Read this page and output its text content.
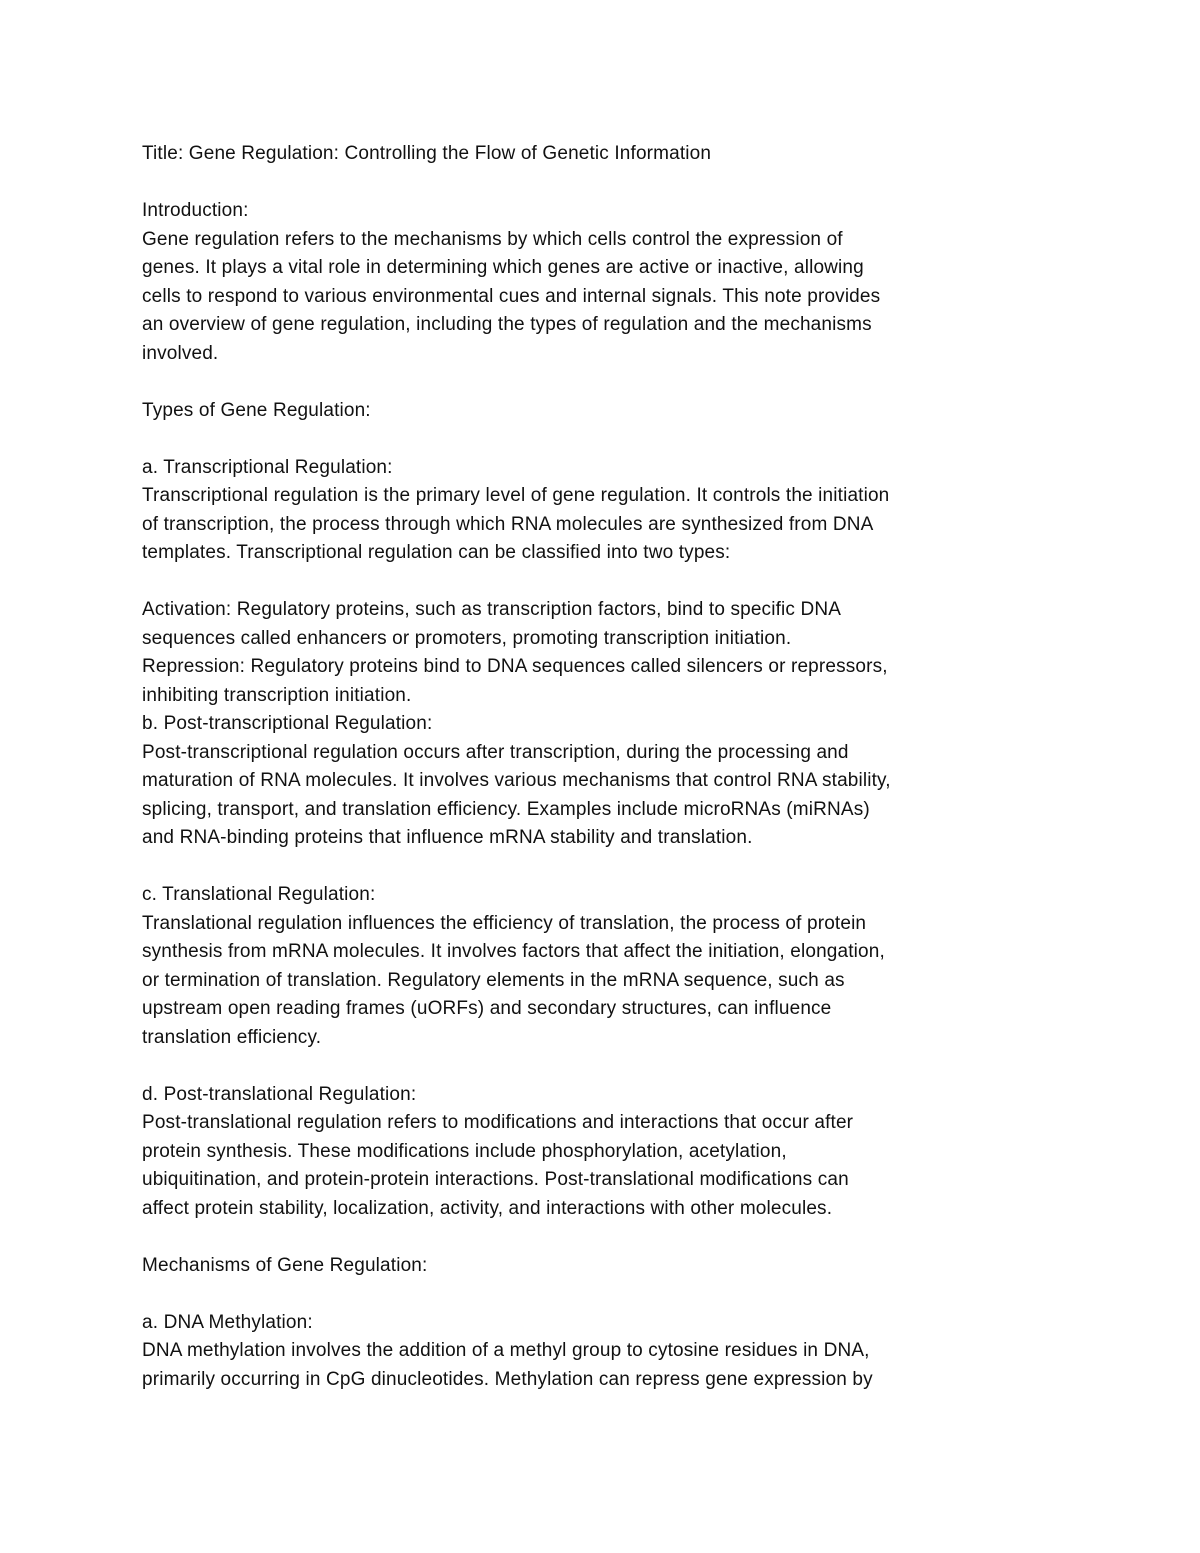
Title: Gene Regulation: Controlling the Flow of Genetic Information
Introduction:
Gene regulation refers to the mechanisms by which cells control the expression of
genes. It plays a vital role in determining which genes are active or inactive, allowing
cells to respond to various environmental cues and internal signals. This note provides
an overview of gene regulation, including the types of regulation and the mechanisms
involved.
Types of Gene Regulation:
a. Transcriptional Regulation:
Transcriptional regulation is the primary level of gene regulation. It controls the initiation
of transcription, the process through which RNA molecules are synthesized from DNA
templates. Transcriptional regulation can be classified into two types:
Activation: Regulatory proteins, such as transcription factors, bind to specific DNA
sequences called enhancers or promoters, promoting transcription initiation.
Repression: Regulatory proteins bind to DNA sequences called silencers or repressors,
inhibiting transcription initiation.
b. Post-transcriptional Regulation:
Post-transcriptional regulation occurs after transcription, during the processing and
maturation of RNA molecules. It involves various mechanisms that control RNA stability,
splicing, transport, and translation efficiency. Examples include microRNAs (miRNAs)
and RNA-binding proteins that influence mRNA stability and translation.
c. Translational Regulation:
Translational regulation influences the efficiency of translation, the process of protein
synthesis from mRNA molecules. It involves factors that affect the initiation, elongation,
or termination of translation. Regulatory elements in the mRNA sequence, such as
upstream open reading frames (uORFs) and secondary structures, can influence
translation efficiency.
d. Post-translational Regulation:
Post-translational regulation refers to modifications and interactions that occur after
protein synthesis. These modifications include phosphorylation, acetylation,
ubiquitination, and protein-protein interactions. Post-translational modifications can
affect protein stability, localization, activity, and interactions with other molecules.
Mechanisms of Gene Regulation:
a. DNA Methylation:
DNA methylation involves the addition of a methyl group to cytosine residues in DNA,
primarily occurring in CpG dinucleotides. Methylation can repress gene expression by
